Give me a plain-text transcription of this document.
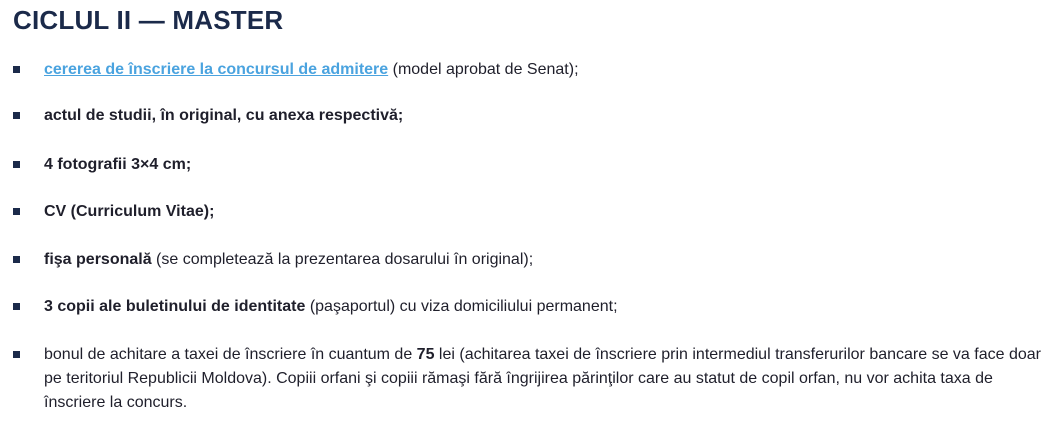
CICLUL II — MASTER
cererea de înscriere la concursul de admitere (model aprobat de Senat);
actul de studii, în original, cu anexa respectivă;
4 fotografii 3×4 cm;
CV (Curriculum Vitae);
fişa personală (se completează la prezentarea dosarului în original);
3 copii ale buletinului de identitate (paşaportul) cu viza domiciliului permanent;
bonul de achitare a taxei de înscriere în cuantum de 75 lei (achitarea taxei de înscriere prin intermediul transferurilor bancare se va face doar pe teritoriul Republicii Moldova). Copiii orfani şi copiii rămaşi fără îngrijirea părinţilor care au statut de copil orfan, nu vor achita taxa de înscriere la concurs.
